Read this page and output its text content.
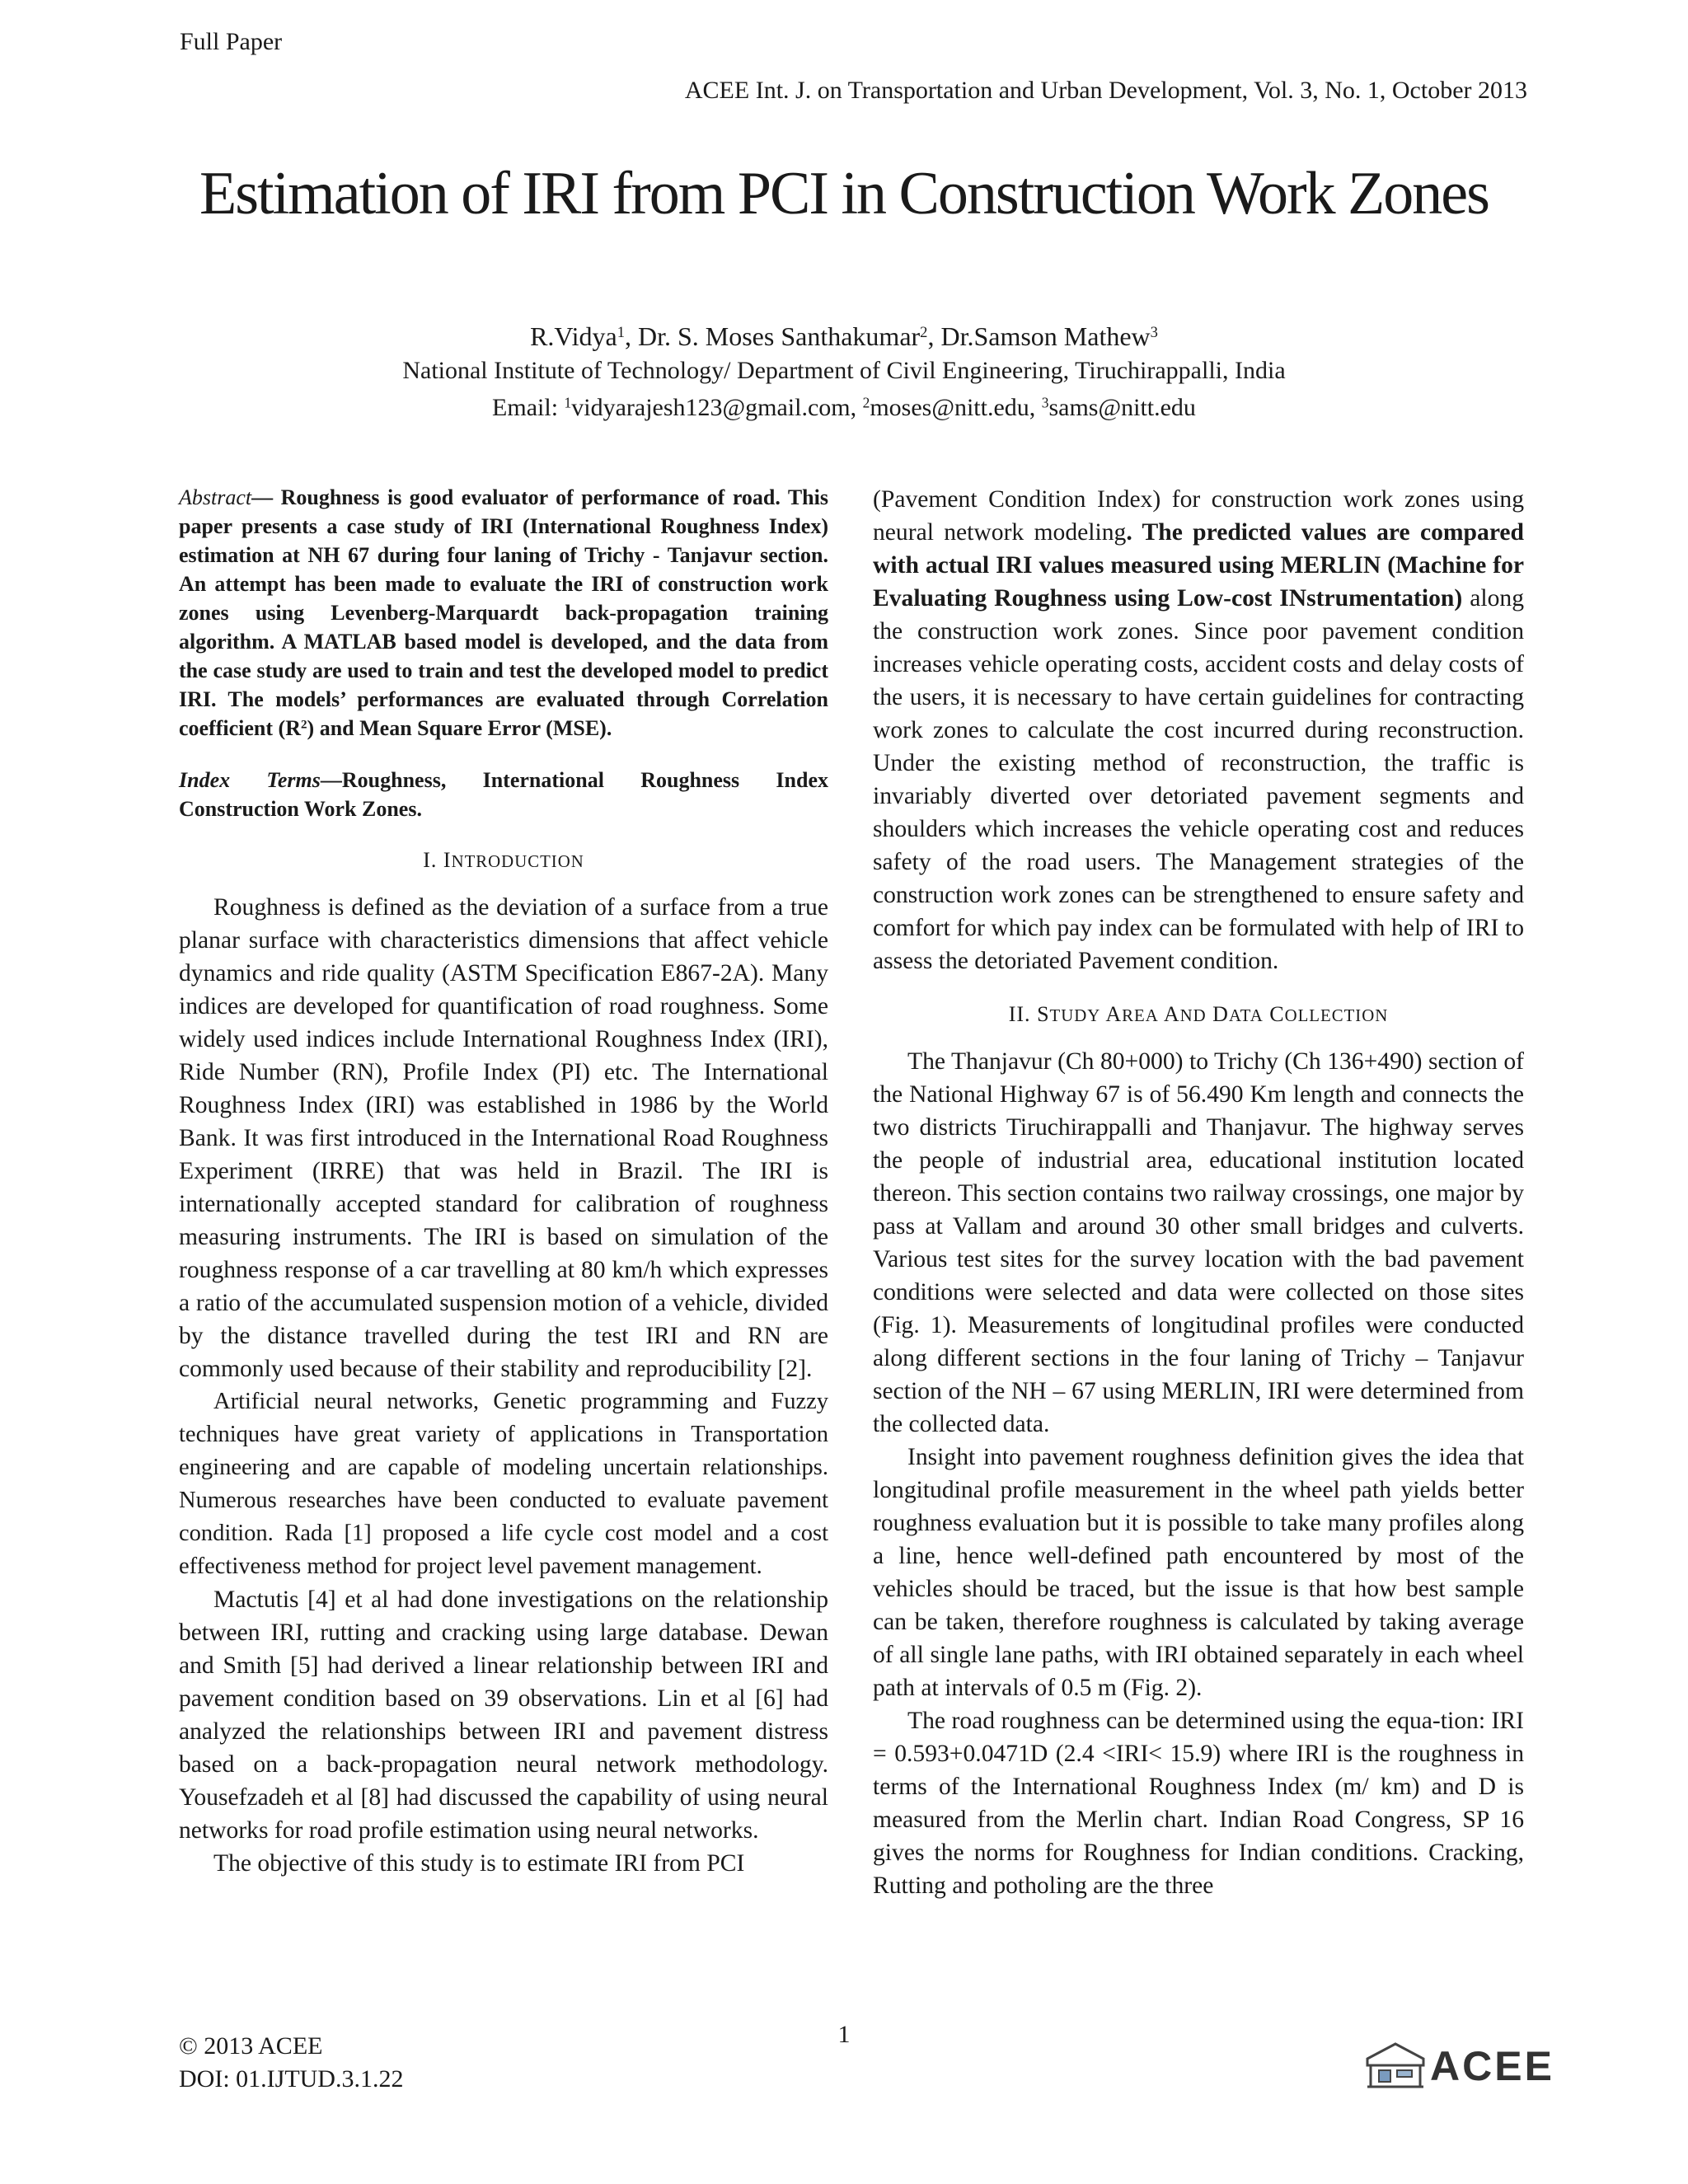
Full Paper
ACEE Int. J. on Transportation and Urban Development, Vol. 3, No. 1, October 2013
Estimation of IRI from PCI in Construction Work Zones
R.Vidya$^1$, Dr. S. Moses Santhakumar$^2$, Dr.Samson Mathew$^3$
National Institute of Technology/ Department of Civil Engineering, Tiruchirappalli, India
Email: $^1$vidyarajesh123@gmail.com, $^2$moses@nitt.edu, $^3$sams@nitt.edu

Abstract— Roughness is good evaluator of performance of road. This paper presents a case study of IRI (International Roughness Index) estimation at NH 67 during four laning of Trichy - Tanjavur section. An attempt has been made to evaluate the IRI of construction work zones using Levenberg-Marquardt back-propagation training algorithm. A MATLAB based model is developed, and the data from the case study are used to train and test the developed model to predict IRI. The models’ performances are evaluated through Correlation coefficient $(R^2)$ and Mean Square Error (MSE).

Index Terms—Roughness, International Roughness Index Construction Work Zones.

I. INTRODUCTION

Roughness is defined as the deviation of a surface from a true planar surface with characteristics dimensions that affect vehicle dynamics and ride quality (ASTM Specification E867-2A). Many indices are developed for quantification of road roughness. Some widely used indices include International Roughness Index (IRI), Ride Number (RN), Profile Index (PI) etc. The International Roughness Index (IRI) was established in 1986 by the World Bank. It was first introduced in the International Road Roughness Experiment (IRRE) that was held in Brazil. The IRI is internationally accepted standard for calibration of roughness measuring instruments. The IRI is based on simulation of the roughness response of a car travelling at 80 km/h which expresses a ratio of the accumulated suspension motion of a vehicle, divided by the distance travelled during the test IRI and RN are commonly used because of their stability and reproducibility [2].

Artificial neural networks, Genetic programming and Fuzzy techniques have great variety of applications in Transportation engineering and are capable of modeling uncertain relationships. Numerous researches have been conducted to evaluate pavement condition. Rada [1] proposed a life cycle cost model and a cost effectiveness method for project level pavement management.

Mactutis [4] et al had done investigations on the relationship between IRI, rutting and cracking using large database. Dewan and Smith [5] had derived a linear relationship between IRI and pavement condition based on 39 observations. Lin et al [6] had analyzed the relationships between IRI and pavement distress based on a back-propagation neural network methodology. Yousefzadeh et al [8] had discussed the capability of using neural networks for road profile estimation using neural networks.

The objective of this study is to estimate IRI from PCI

(Pavement Condition Index) for construction work zones using neural network modeling. The predicted values are compared with actual IRI values measured using MERLIN (Machine for Evaluating Roughness using Low-cost INstrumentation) along the construction work zones. Since poor pavement condition increases vehicle operating costs, accident costs and delay costs of the users, it is necessary to have certain guidelines for contracting work zones to calculate the cost incurred during reconstruction. Under the existing method of reconstruction, the traffic is invariably diverted over detoriated pavement segments and shoulders which increases the vehicle operating cost and reduces safety of the road users. The Management strategies of the construction work zones can be strengthened to ensure safety and comfort for which pay index can be formulated with help of IRI to assess the detoriated Pavement condition.

II. STUDY AREA AND DATA COLLECTION

The Thanjavur (Ch 80+000) to Trichy (Ch 136+490) section of the National Highway 67 is of 56.490 Km length and connects the two districts Tiruchirappalli and Thanjavur. The highway serves the people of industrial area, educational institution located thereon. This section contains two railway crossings, one major by pass at Vallam and around 30 other small bridges and culverts. Various test sites for the survey location with the bad pavement conditions were selected and data were collected on those sites (Fig. 1). Measurements of longitudinal profiles were conducted along different sections in the four laning of Trichy – Tanjavur section of the NH – 67 using MERLIN, IRI were determined from the collected data.

Insight into pavement roughness definition gives the idea that longitudinal profile measurement in the wheel path yields better roughness evaluation but it is possible to take many profiles along a line, hence well-defined path encountered by most of the vehicles should be traced, but the issue is that how best sample can be taken, therefore roughness is calculated by taking average of all single lane paths, with IRI obtained separately in each wheel path at intervals of 0.5 m (Fig. 2).

The road roughness can be determined using the equa-tion: IRI = 0.593+0.0471D (2.4 <IRI< 15.9) where IRI is the roughness in terms of the International Roughness Index (m/ km) and D is measured from the Merlin chart. Indian Road Congress, SP 16 gives the norms for Roughness for Indian conditions. Cracking, Rutting and potholing are the three

© 2013 ACEE
DOI: 01.IJTUD.3.1.22
1
ACEE
